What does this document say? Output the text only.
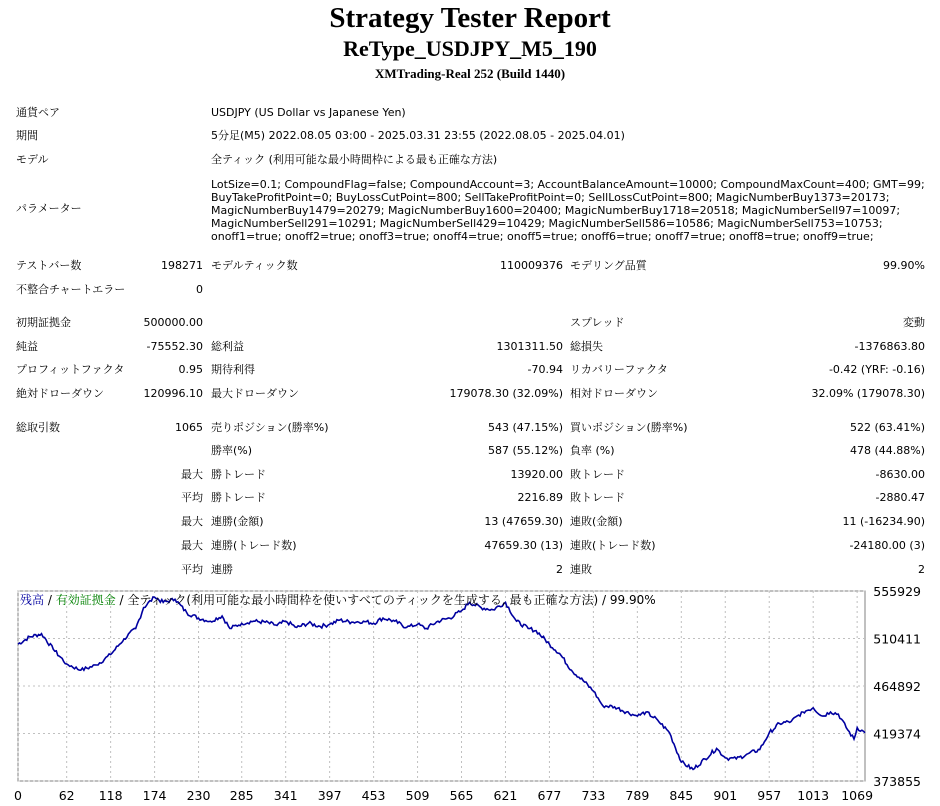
Strategy Tester Report
ReType_USDJPY_M5_190
XMTrading-Real 252 (Build 1440)
通貨ペア	USDJPY (US Dollar vs Japanese Yen)
期間	5分足(M5) 2022.08.05 03:00 - 2025.03.31 23:55 (2022.08.05 - 2025.04.01)
モデル	全ティック (利用可能な最小時間枠による最も正確な方法)
パラメーター
LotSize=0.1; CompoundFlag=false; CompoundAccount=3; AccountBalanceAmount=10000; CompoundMaxCount=400; GMT=99; BuyTakeProfitPoint=0; BuyLossCutPoint=800; SellTakeProfitPoint=0; SellLossCutPoint=800; MagicNumberBuy1373=20173; MagicNumberBuy1479=20279; MagicNumberBuy1600=20400; MagicNumberBuy1718=20518; MagicNumberSell97=10097; MagicNumberSell291=10291; MagicNumberSell429=10429; MagicNumberSell586=10586; MagicNumberSell753=10753; onoff1=true; onoff2=true; onoff3=true; onoff4=true; onoff5=true; onoff6=true; onoff7=true; onoff8=true; onoff9=true;
テストバー数	198271 モデルティック数	110009376 モデリング品質	99.90%
不整合チャートエラー	0
初期証拠金	500000.00	スプレッド	変動
純益	-75552.30 総利益	1301311.50 総損失	-1376863.80
プロフィットファクタ	0.95 期待利得	-70.94 リカバリーファクタ	-0.42 (YRF: -0.16)
絶対ドローダウン	120996.10 最大ドローダウン	179078.30 (32.09%) 相対ドローダウン	32.09% (179078.30)
総取引数	1065 売りポジション(勝率%)	543 (47.15%) 買いポジション(勝率%)	522 (63.41%)
勝率(%)	587 (55.12%) 負率 (%)	478 (44.88%)
最大 勝トレード	13920.00 敗トレード	-8630.00
平均 勝トレード	2216.89 敗トレード	-2880.47
最大 連勝(金額)	13 (47659.30) 連敗(金額)	11 (-16234.90)
最大 連勝(トレード数)	47659.30 (13) 連敗(トレード数)	-24180.00 (3)
平均 連勝	2 連敗	2
0	62 118 174 230 285 341 397 453 509 565 621 677 733 789 845 901 957 1013 1069
373855
419374
464892
510411
555929
残高 / 有効証拠金 / 全ティック(利用可能な最小時間枠を使いすべてのティックを生成する, 最も正確な方法) / 99.90%
